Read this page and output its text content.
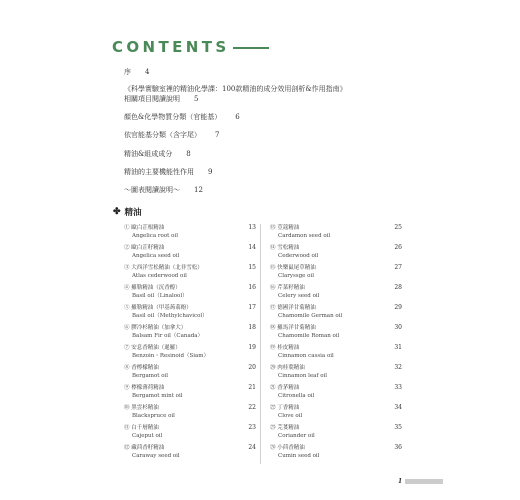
CONTENTS
序 4
《科學實驗室裡的精油化學課：100款精油的成分效用剖析&作用指南》
相關項目閱讀說明 5
顏色&化學物質分類（官能基） 6
依官能基分類（含字尾） 7
精油&組成成分 8
精油的主要機能性作用 9
～圖表閱讀說明～ 12
✤ 精油
① 歐白芷根精油
Angelica root oil
13
② 歐白芷籽精油
Angelica seed oil
14
③ 大西洋雪松精油（北非雪松）
Atlas cederwood oil
15
④ 羅勒精油（沉香醇）
Basil oil（Linalool）
16
⑤ 羅勒精油（甲基蒟蒻酚）
Basil oil（Methylchavicol）
17
⑥ 膠冷杉精油（加拿大）
Balsam Fir oil（Canada）
18
⑦ 安息香精油（暹羅）
Benzoin・Resinoid（Siam）
19
⑧ 香檸檬精油
Bergamot oil
20
⑨ 檸檬薄荷精油
Bergamot mint oil
21
⑩ 黑雲杉精油
Blackspruce oil
22
⑪ 白千層精油
Cajeput oil
23
⑫ 藏茴香籽精油
Caraway seed oil
24
⑬ 荳蔻精油
Cardamon seed oil
25
⑭ 雪松精油
Cederwood oil
26
⑮ 快樂鼠尾草精油
Claryssge oil
27
⑯ 芹菜籽精油
Celery seed oil
28
⑰ 德國洋甘菊精油
Chamomile German oil
29
⑱ 羅馬洋甘菊精油
Chamomile Roman oil
30
⑲ 桂皮精油
Cinnamon cassia oil
31
⑳ 肉桂葉精油
Cinnamon leaf oil
32
㉑ 香茅精油
Citronella oil
33
㉒ 丁香精油
Clove oil
34
㉓ 芫荽精油
Coriander oil
35
㉔ 小茴香精油
Cumin seed oil
36
1
